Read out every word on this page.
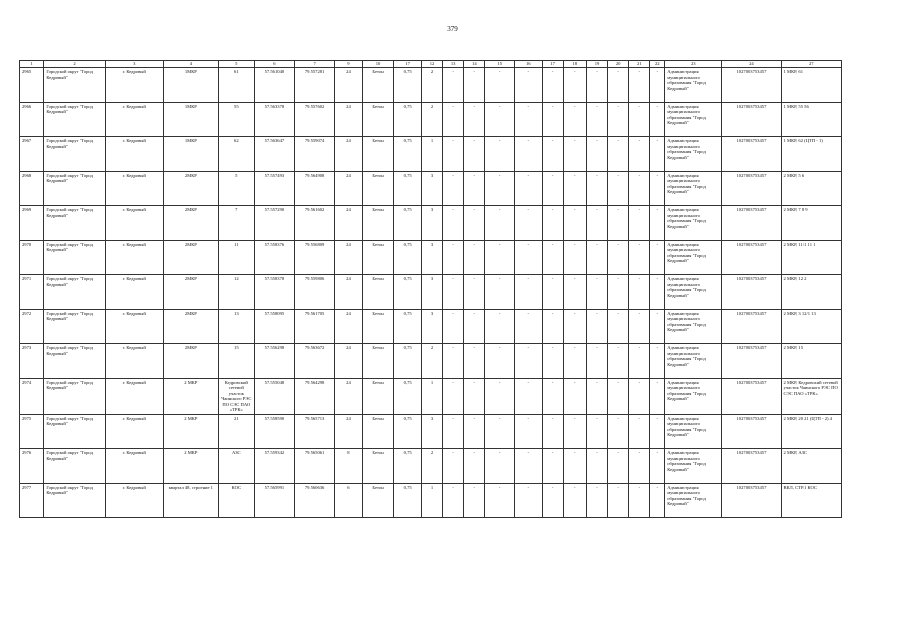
379
1	2	3	4	5	6	7	9	10	17	12	13	14	15	16	17	18	19	20	21	22	23	24	27
2965	Городской округ "Город Кедровый"	г. Кедровый	1МКР	61	57.561040	79.557281	24	Бетон	0,75	2	-	-	-	-	-	-	-	-	-	-	Администрация муниципального образования "Город Кедровый"	1027003753457	1 МКР, 61
2966	Городской округ "Город Кедровый"	г. Кедровый	1МКР	55	57.563378	79.557602	24	Бетон	0,75	2	-	-	-	-	-	-	-	-	-	-	Администрация муниципального образования "Город Кедровый"	1027003753457	1 МКР, 55 56
2967	Городской округ "Город Кедровый"	г. Кедровый	1МКР	62	57.563647	79.559074	24	Бетон	0,75	1	-	-	-	-	-	-	-	-	-	-	Администрация муниципального образования "Город Кедровый"	1027003753457	1 МКР, 62 (ЦТП - 1)
2968	Городской округ "Город Кедровый"	г. Кедровый	2МКР	5	57.557493	79.564908	24	Бетон	0,75	3	-	-	-	-	-	-	-	-	-	-	Администрация муниципального образования "Город Кедровый"	1027003753457	2 МКР, 5 6
2969	Городской округ "Город Кедровый"	г. Кедровый	2МКР	7	57.557290	79.561602	24	Бетон	0,75	3	-	-	-	-	-	-	-	-	-	-	Администрация муниципального образования "Город Кедровый"	1027003753457	2 МКР, 7 8 9
2970	Городской округ "Город Кедровый"	г. Кедровый	2МКР	11	57.558376	79.556809	24	Бетон	0,75	3	-	-	-	-	-	-	-	-	-	-	Администрация муниципального образования "Город Кедровый"	1027003753457	2 МКР, 11/1 11 1
2971	Городской округ "Город Кедровый"	г. Кедровый	2МКР	12	57.558378	79.559806	24	Бетон	0,75	3	-	-	-	-	-	-	-	-	-	-	Администрация муниципального образования "Город Кедровый"	1027003753457	2 МКР, 12 2
2972	Городской округ "Город Кедровый"	г. Кедровый	2МКР	13	57.558095	79.561705	24	Бетон	0,75	3	-	-	-	-	-	-	-	-	-	-	Администрация муниципального образования "Город Кедровый"	1027003753457	2 МКР, 3 12/1 13
2973	Городской округ "Город Кедровый"	г. Кедровый	2МКР	15	57.556298	79.563672	24	Бетон	0,75	2	-	-	-	-	-	-	-	-	-	-	Администрация муниципального образования "Город Кедровый"	1027003753457	2 МКР, 15
2974	Городской округ "Город Кедровый"	г. Кедровый	2 МКР	Кедровский сетевой участок Чаинского РЭС ПО СЭС ПАО «ТРК»	57.555048	79.564298	24	Бетон	0,75	1	-	-	-	-	-	-	-	-	-	-	Администрация муниципального образования "Город Кедровый"	1027003753457	2 МКР, Кедровский сетевой участок Чаинского РЭС ПО СЭС ПАО «ТРК»
2975	Городской округ "Город Кедровый"	г. Кедровый	2 МКР	21	57.558590	79.565713	24	Бетон	0,75	3	-	-	-	-	-	-	-	-	-	-	Администрация муниципального образования "Город Кедровый"	1027003753457	2 МКР, 20 21 (ЦТП - 2) 4
2976	Городской округ "Город Кедровый"	г. Кедровый	2 МКР	АЗС	57.559342	79.565061	8	Бетон	0,75	2	-	-	-	-	-	-	-	-	-	-	Администрация муниципального образования "Город Кедровый"	1027003753457	2 МКР, АЗС
2977	Городской округ "Город Кедровый"	г. Кедровый	квартал 48, строение 1	КОС	57.565991	79.560636	6	Бетон	0,75	1	-	-	-	-	-	-	-	-	-	-	Администрация муниципального образования "Город Кедровый"	1027003753457	ВКЛ, СТР.1 КОС
